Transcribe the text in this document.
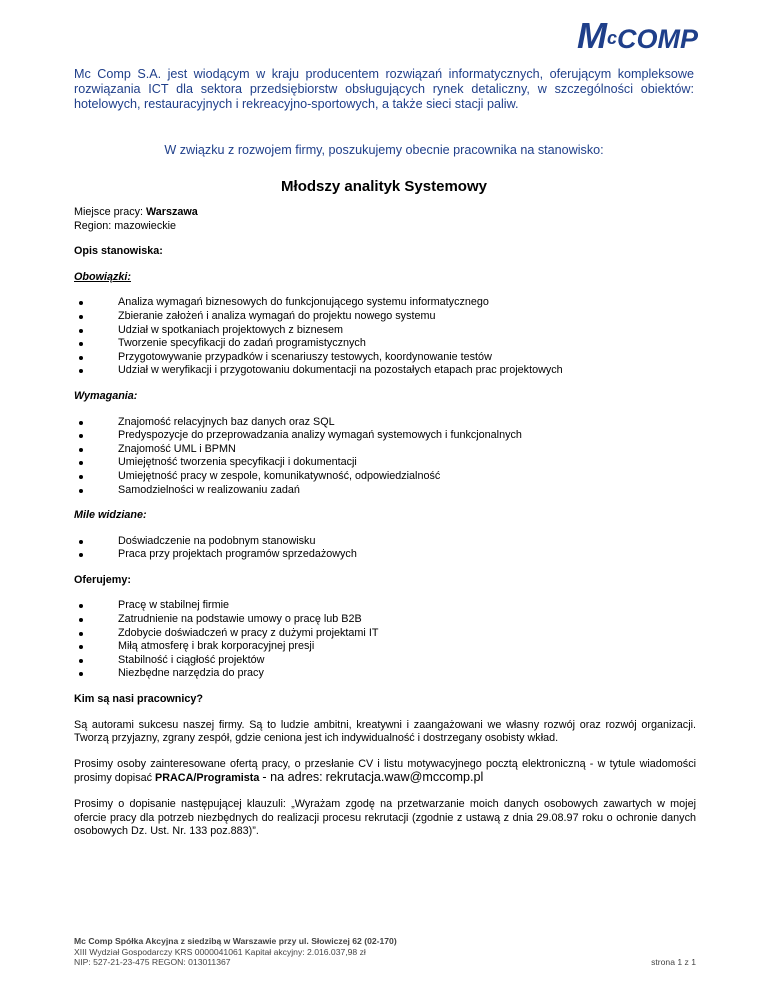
$M^cCOMP$
Mc Comp S.A. jest wiodącym w kraju producentem rozwiązań informatycznych, oferującym kompleksowe rozwiązania ICT dla sektora przedsiębiorstw obsługujących rynek detaliczny, w szczególności obiektów: hotelowych, restauracyjnych i rekreacyjno-sportowych, a także sieci stacji paliw.
W związku z rozwojem firmy, poszukujemy obecnie pracownika na stanowisko:
Młodszy analityk Systemowy

Miejsce pracy: Warszawa

Region: mazowieckie

Opis stanowiska:

Obowiązki:

Analiza wymagań biznesowych do funkcjonującego systemu informatycznego
Zbieranie założeń i analiza wymagań do projektu nowego systemu
Udział w spotkaniach projektowych z biznesem
Tworzenie specyfikacji do zadań programistycznych
Przygotowywanie przypadków i scenariuszy testowych, koordynowanie testów
Udział w weryfikacji i przygotowaniu dokumentacji na pozostałych etapach prac projektowych

Wymagania:

Znajomość relacyjnych baz danych oraz SQL
Predyspozycje do przeprowadzania analizy wymagań systemowych i funkcjonalnych
Znajomość UML i BPMN
Umiejętność tworzenia specyfikacji i dokumentacji
Umiejętność pracy w zespole, komunikatywność, odpowiedzialność
Samodzielności w realizowaniu zadań

Mile widziane:

Doświadczenie na podobnym stanowisku
Praca przy projektach programów sprzedażowych

Oferujemy:

Pracę w stabilnej firmie
Zatrudnienie na podstawie umowy o pracę lub B2B
Zdobycie doświadczeń w pracy z dużymi projektami IT
Miłą atmosferę i brak korporacyjnej presji
Stabilność i ciągłość projektów
Niezbędne narzędzia do pracy

Kim są nasi pracownicy?

Są autorami sukcesu naszej firmy. Są to ludzie ambitni, kreatywni i zaangażowani we własny rozwój oraz rozwój organizacji. Tworzą przyjazny, zgrany zespół, gdzie ceniona jest ich indywidualność i dostrzegany osobisty wkład.

Prosimy osoby zainteresowane ofertą pracy, o przesłanie CV i listu motywacyjnego pocztą elektroniczną - w tytule wiadomości prosimy dopisać PRACA/Programista - na adres: rekrutacja.waw@mccomp.pl

Prosimy o dopisanie następującej klauzuli: „Wyrażam zgodę na przetwarzanie moich danych osobowych zawartych w mojej ofercie pracy dla potrzeb niezbędnych do realizacji procesu rekrutacji (zgodnie z ustawą z dnia 29.08.97 roku o ochronie danych osobowych Dz. Ust. Nr. 133 poz.883)”.

Mc Comp Spółka Akcyjna z siedzibą w Warszawie przy ul. Słowiczej 62 (02-170)
XIII Wydział Gospodarczy KRS 0000041061 Kapitał akcyjny: 2.016.037,98 zł
NIP: 527-21-23-475 REGON: 013011367	strona 1 z 1
